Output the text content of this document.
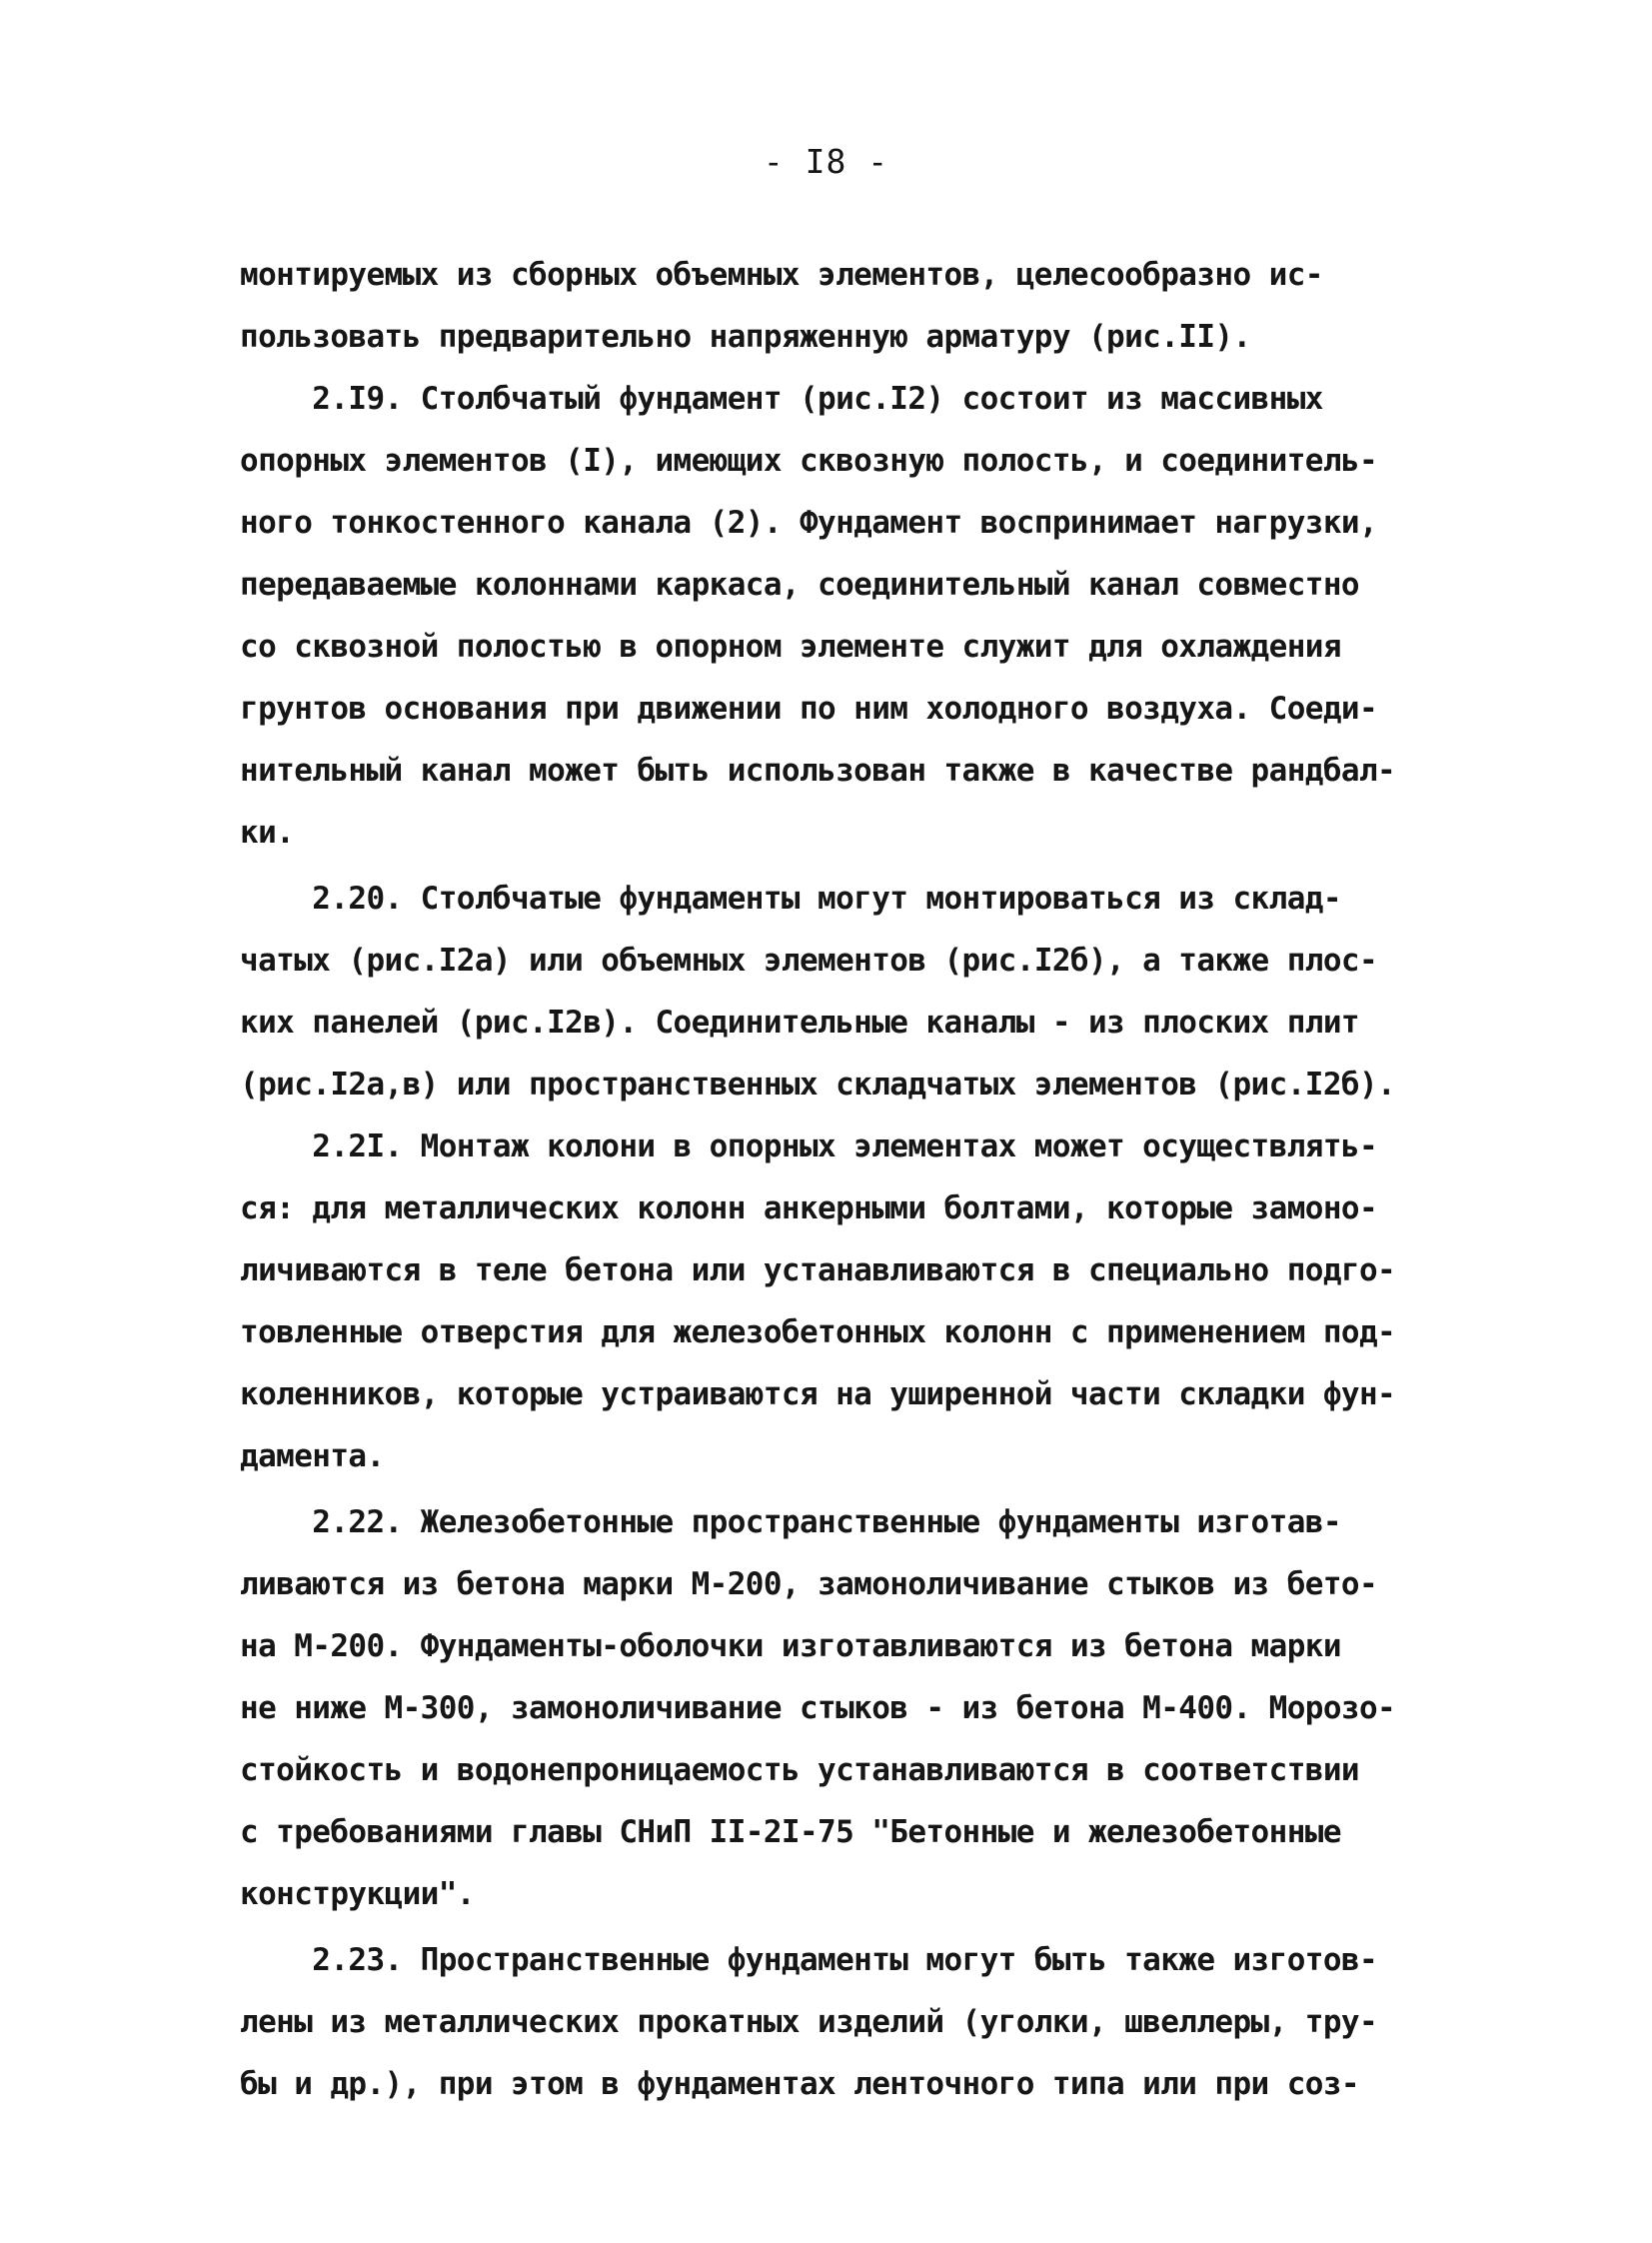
- I8 -
монтируемых из сборных объемных элементов, целесообразно ис-
пользовать предварительно напряженную арматуру (рис.II).
2.I9. Столбчатый фундамент (рис.I2) состоит из массивных
опорных элементов (I), имеющих сквозную полость, и соединитель-
ного тонкостенного канала (2). Фундамент воспринимает нагрузки,
передаваемые колоннами каркаса, соединительный канал совместно
со сквозной полостью в опорном элементе служит для охлаждения
грунтов основания при движении по ним холодного воздуха. Соеди-
нительный канал может быть использован также в качестве рандбал-
ки.
2.20. Столбчатые фундаменты могут монтироваться из склад-
чатых (рис.I2а) или объемных элементов (рис.I2б), а также плос-
ких панелей (рис.I2в). Соединительные каналы - из плоских плит
(рис.I2а,в) или пространственных складчатых элементов (рис.I2б).
2.2I. Монтаж колони в опорных элементах может осуществлять-
ся: для металлических колонн анкерными болтами, которые замоно-
личиваются в теле бетона или устанавливаются в специально подго-
товленные отверстия для железобетонных колонн с применением под-
коленников, которые устраиваются на уширенной части складки фун-
дамента.
2.22. Железобетонные пространственные фундаменты изготав-
ливаются из бетона марки М-200, замоноличивание стыков из бето-
на М-200. Фундаменты-оболочки изготавливаются из бетона марки
не ниже М-300, замоноличивание стыков - из бетона М-400. Морозо-
стойкость и водонепроницаемость устанавливаются в соответствии
с требованиями главы СНиП II-2I-75 "Бетонные и железобетонные
конструкции".
2.23. Пространственные фундаменты могут быть также изготов-
лены из металлических прокатных изделий (уголки, швеллеры, тру-
бы и др.), при этом в фундаментах ленточного типа или при соз-
